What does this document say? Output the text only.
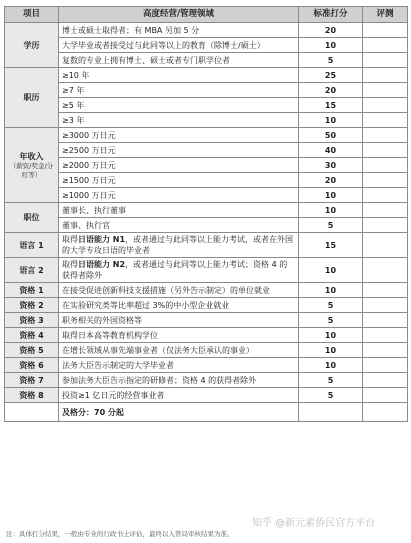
项目	高度经营/管理领域	标准打分	评测
学历	博士或硕士取得者；有 MBA 另加 5 分	20	
	大学毕业或者接受过与此同等以上的教育（除博士/硕士）	10	
	复数的专业上拥有博士、硕士或者专门职学位者	5	
职历	≥10 年	25	
	≥7 年	20	
	≥5 年	15	
	≥3 年	10	
年收入
（薪资/奖金/分红等）	≥3000 万日元	50	
	≥2500 万日元	40	
	≥2000 万日元	30	
	≥1500 万日元	20	
	≥1000 万日元	10	
职位	董事长、执行董事	10	
	董事、执行官	5	
语言 1	取得日语能力 N1，或者通过与此同等以上能力考试，或者在外国的大学专攻日语的毕业者	15	
语言 2	取得日语能力 N2，或者通过与此同等以上能力考试；资格 4 的获得者除外	10	
资格 1	在接受促进创新科技支援措施（另外告示制定）的单位就业	10	
资格 2	在实验研究类等比率超过 3%的中小型企业就业	5	
资格 3	职务相关的外国资格等	5	
资格 4	取得日本高等教育机构学位	10	
资格 5	在增长领域从事先端事业者（仅法务大臣承认的事业）	10	
资格 6	法务大臣告示制定的大学毕业者	10	
资格 7	参加法务大臣告示指定的研修者；资格 4 的获得者除外	5	
资格 8	投资≥1 亿日元的经营事业者	5	
	及格分：70 分起		
注：具体打分结果，一般由专业的行政书士评估，最终以入管局审核结果为准。
知乎 @新元素侨民官方平台
